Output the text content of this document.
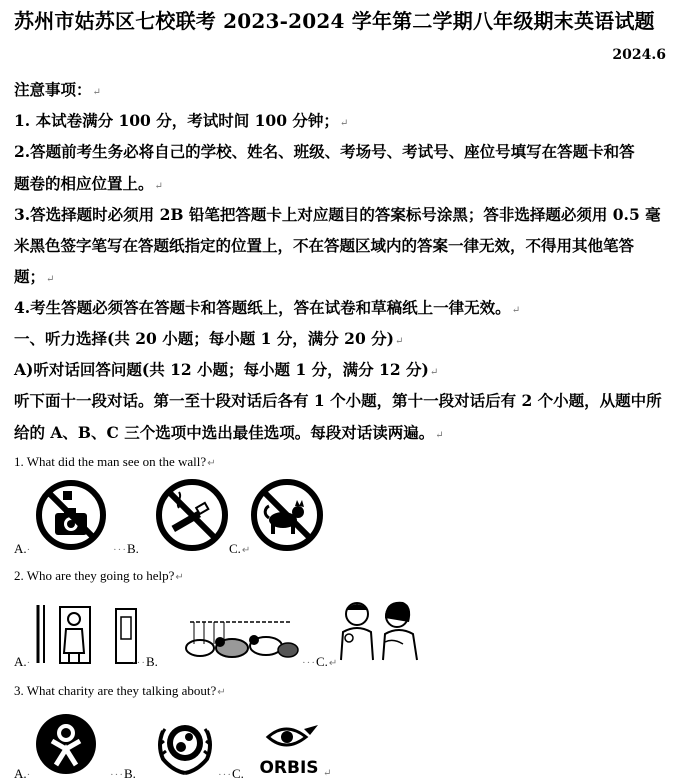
苏州市姑苏区七校联考 2023-2024 学年第二学期八年级期末英语试题
2024.6
注意事项：↵
1. 本试卷满分 100 分，考试时间 100 分钟；↵
2.答题前考生务必将自己的学校、姓名、班级、考场号、考试号、座位号填写在答题卡和答
题卷的相应位置上。↵
3.答选择题时必须用 2B 铅笔把答题卡上对应题目的答案标号涂黑；答非选择题必须用 0.5 毫
米黑色签字笔写在答题纸指定的位置上，不在答题区域内的答案一律无效，不得用其他笔答
题；↵
4.考生答题必须答在答题卡和答题纸上，答在试卷和草稿纸上一律无效。↵
一、听力选择(共 20 小题；每小题 1 分，满分 20 分)↵
A)听对话回答问题(共 12 小题；每小题 1 分，满分 12 分)↵
听下面十一段对话。第一至十段对话后各有 1 个小题，第十一段对话后有 2 个小题，从题中所
给的 A、B、C 三个选项中选出最佳选项。每段对话读两遍。↵
1. What did the man see on the wall?↵
A.·	···B.	C.↵
2. Who are they going to help?↵
A.·	···B.	···C.↵
3. What charity are they talking about?↵
ORBIS
A.·	···B.	···C.	↵
